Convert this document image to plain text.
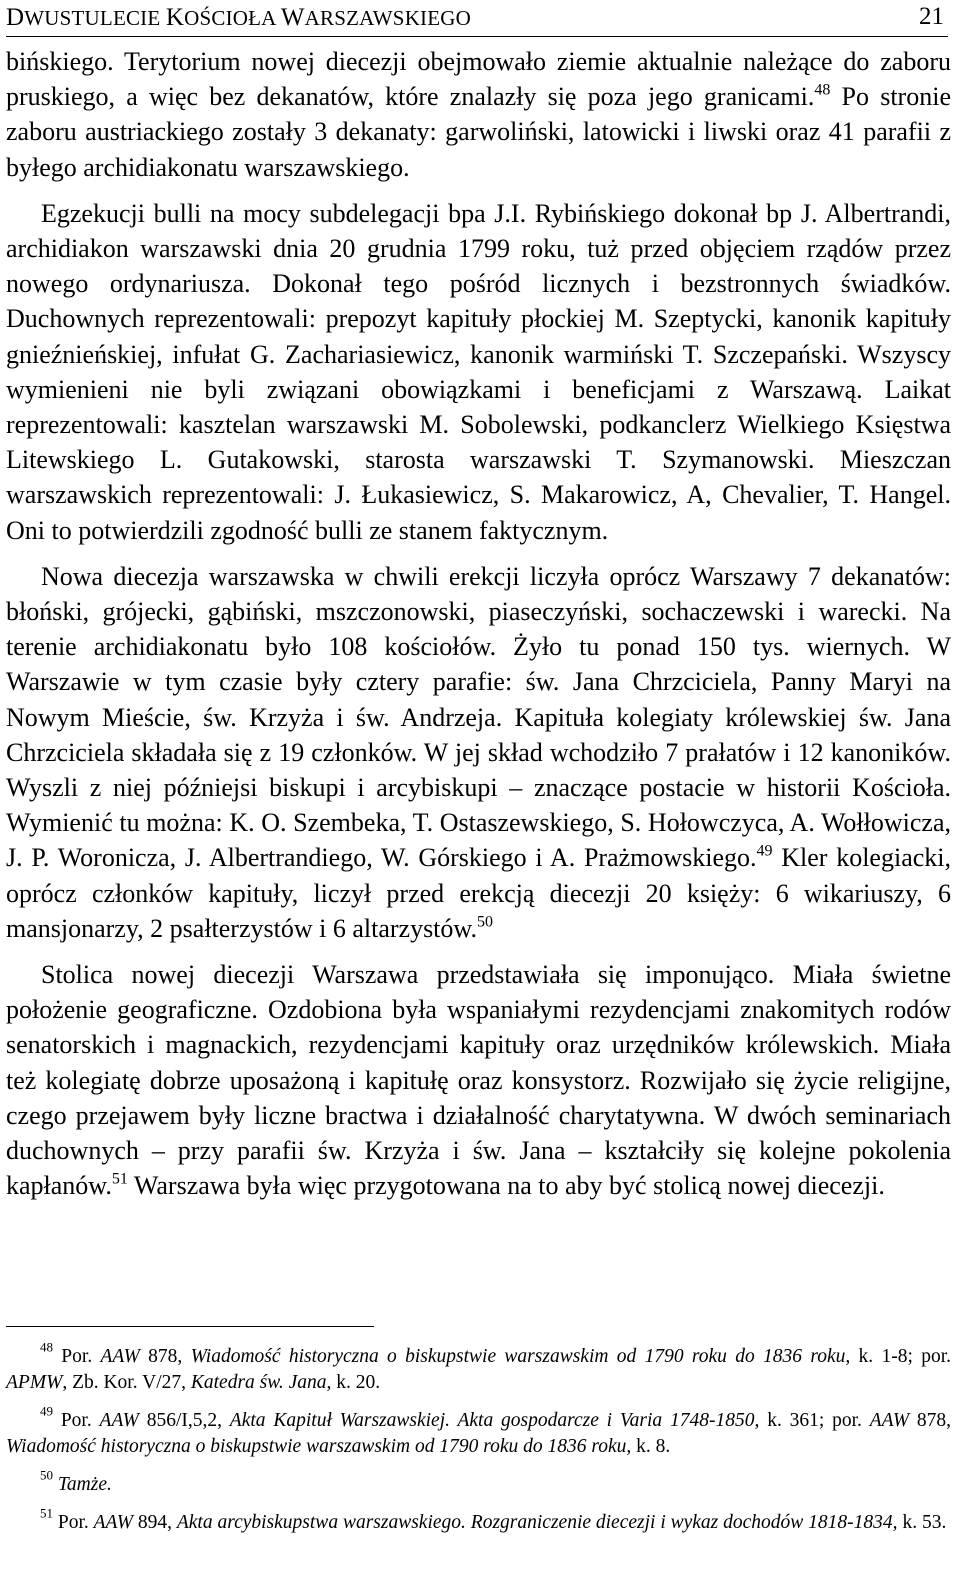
DWUSTULECIE KOŚCIOŁA WARSZAWSKIEGO	21

bińskiego. Terytorium nowej diecezji obejmowało ziemie aktualnie należące do zaboru pruskiego, a więc bez dekanatów, które znalazły się poza jego granicami.$^{48}$ Po stronie zaboru austriackiego zostały 3 dekanaty: garwoliński, latowicki i liwski oraz 41 parafii z byłego archidiakonatu warszawskiego.

Egzekucji bulli na mocy subdelegacji bpa J.I. Rybińskiego dokonał bp J. Albertrandi, archidiakon warszawski dnia 20 grudnia 1799 roku, tuż przed objęciem rządów przez nowego ordynariusza. Dokonał tego pośród licznych i bezstronnych świadków. Duchownych reprezentowali: prepozyt kapituły płockiej M. Szeptycki, kanonik kapituły gnieźnieńskiej, infułat G. Zachariasiewicz, kanonik warmiński T. Szczepański. Wszyscy wymienieni nie byli związani obowiązkami i beneficjami z Warszawą. Laikat reprezentowali: kasztelan warszawski M. Sobolewski, podkanclerz Wielkiego Księstwa Litewskiego L. Gutakowski, starosta warszawski T. Szymanowski. Mieszczan warszawskich reprezentowali: J. Łukasiewicz, S. Makarowicz, A, Chevalier, T. Hangel. Oni to potwierdzili zgodność bulli ze stanem faktycznym.

Nowa diecezja warszawska w chwili erekcji liczyła oprócz Warszawy 7 dekanatów: błoński, grójecki, gąbiński, mszczonowski, piaseczyński, sochaczewski i warecki. Na terenie archidiakonatu było 108 kościołów. Żyło tu ponad 150 tys. wiernych. W Warszawie w tym czasie były cztery parafie: św. Jana Chrzciciela, Panny Maryi na Nowym Mieście, św. Krzyża i św. Andrzeja. Kapituła kolegiaty królewskiej św. Jana Chrzciciela składała się z 19 członków. W jej skład wchodziło 7 prałatów i 12 kanoników. Wyszli z niej późniejsi biskupi i arcybiskupi – znaczące postacie w historii Kościoła. Wymienić tu można: K. O. Szembeka, T. Ostaszewskiego, S. Hołowczyca, A. Wołłowicza, J. P. Woronicza, J. Albertrandiego, W. Górskiego i A. Prażmowskiego.$^{49}$ Kler kolegiacki, oprócz członków kapituły, liczył przed erekcją diecezji 20 księży: 6 wikariuszy, 6 mansjonarzy, 2 psałterzystów i 6 altarzystów.$^{50}$

Stolica nowej diecezji Warszawa przedstawiała się imponująco. Miała świetne położenie geograficzne. Ozdobiona była wspaniałymi rezydencjami znakomitych rodów senatorskich i magnackich, rezydencjami kapituły oraz urzędników królewskich. Miała też kolegiatę dobrze uposażoną i kapitułę oraz konsystorz. Rozwijało się życie religijne, czego przejawem były liczne bractwa i działalność charytatywna. W dwóch seminariach duchownych – przy parafii św. Krzyża i św. Jana – kształciły się kolejne pokolenia kapłanów.$^{51}$ Warszawa była więc przygotowana na to aby być stolicą nowej diecezji.

$^{48}$ Por. AAW 878, Wiadomość historyczna o biskupstwie warszawskim od 1790 roku do 1836 roku, k. 1-8; por. APMW, Zb. Kor. V/27, Katedra św. Jana, k. 20.

$^{49}$ Por. AAW 856/I,5,2, Akta Kapituł Warszawskiej. Akta gospodarcze i Varia 1748-1850, k. 361; por. AAW 878, Wiadomość historyczna o biskupstwie warszawskim od 1790 roku do 1836 roku, k. 8.

$^{50}$ Tamże.

$^{51}$ Por. AAW 894, Akta arcybiskupstwa warszawskiego. Rozgraniczenie diecezji i wykaz dochodów 1818-1834, k. 53.
